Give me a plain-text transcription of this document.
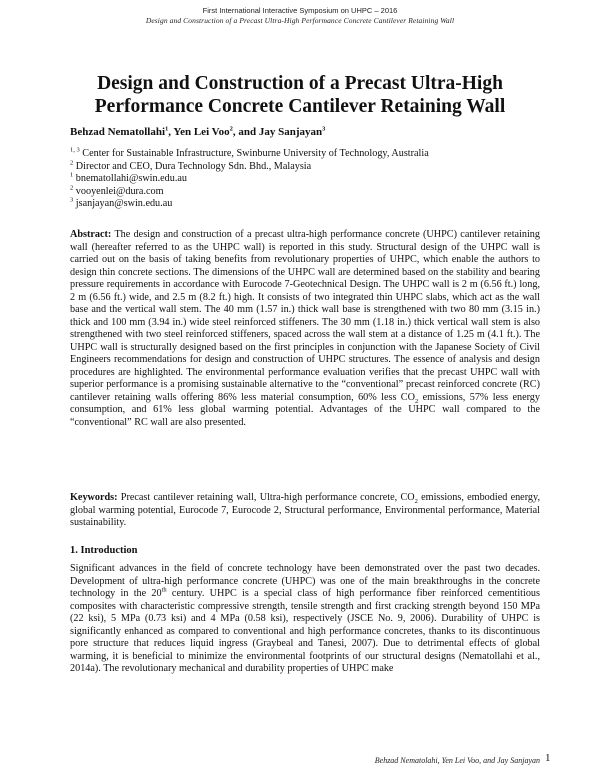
First International Interactive Symposium on UHPC – 2016
Design and Construction of a Precast Ultra-High Performance Concrete Cantilever Retaining Wall
Design and Construction of a Precast Ultra-High Performance Concrete Cantilever Retaining Wall
Behzad Nematollahi$^1$, Yen Lei Voo$^2$, and Jay Sanjayan$^3$
$^{1, 3}$ Center for Sustainable Infrastructure, Swinburne University of Technology, Australia
$^2$ Director and CEO, Dura Technology Sdn. Bhd., Malaysia
$^1$ bnematollahi@swin.edu.au
$^2$ vooyenlei@dura.com
$^3$ jsanjayan@swin.edu.au

Abstract: The design and construction of a precast ultra-high performance concrete (UHPC) cantilever retaining wall (hereafter referred to as the UHPC wall) is reported in this study. Structural design of the UHPC wall is carried out on the basis of taking benefits from revolutionary properties of UHPC, which enable the authors to design thin concrete sections. The dimensions of the UHPC wall are determined based on the stability and bearing pressure requirements in accordance with Eurocode 7-Geotechnical Design. The UHPC wall is 2 m (6.56 ft.) long, 2 m (6.56 ft.) wide, and 2.5 m (8.2 ft.) high. It consists of two integrated thin UHPC slabs, which act as the wall base and the vertical wall stem. The 40 mm (1.57 in.) thick wall base is strengthened with two 80 mm (3.15 in.) thick and 100 mm (3.94 in.) wide steel reinforced stiffeners. The 30 mm (1.18 in.) thick vertical wall stem is also strengthened with two steel reinforced stiffeners, spaced across the wall stem at a distance of 1.25 m (4.1 ft.). The UHPC wall is structurally designed based on the first principles in conjunction with the Japanese Society of Civil Engineers recommendations for design and construction of UHPC structures. The essence of analysis and design procedures are highlighted. The environmental performance evaluation verifies that the precast UHPC wall with superior performance is a promising sustainable alternative to the “conventional” precast reinforced concrete (RC) cantilever retaining walls offering 86% less material consumption, 60% less $CO_2$ emissions, 57% less energy consumption, and 61% less global warming potential. Advantages of the UHPC wall compared to the “conventional” RC wall are also presented.

Keywords: Precast cantilever retaining wall, Ultra-high performance concrete, $CO_2$ emissions, embodied energy, global warming potential, Eurocode 7, Eurocode 2, Structural performance, Environmental performance, Material sustainability.

1. Introduction

Significant advances in the field of concrete technology have been demonstrated over the past two decades. Development of ultra-high performance concrete (UHPC) was one of the main breakthroughs in the concrete technology in the 20th century. UHPC is a special class of high performance fiber reinforced cementitious composites with characteristic compressive strength, tensile strength and first cracking strength beyond 150 MPa (22 ksi), 5 MPa (0.73 ksi) and 4 MPa (0.58 ksi), respectively (JSCE No. 9, 2006). Durability of UHPC is significantly enhanced as compared to conventional and high performance concretes, thanks to its discontinuous pore structure that reduces liquid ingress (Graybeal and Tanesi, 2007). Due to detrimental effects of global warming, it is beneficial to minimize the environmental footprints of our structural designs (Nematollahi et al., 2014a). The revolutionary mechanical and durability properties of UHPC make

Behzad Nematolahi, Yen Lei Voo, and Jay Sanjayan 1
